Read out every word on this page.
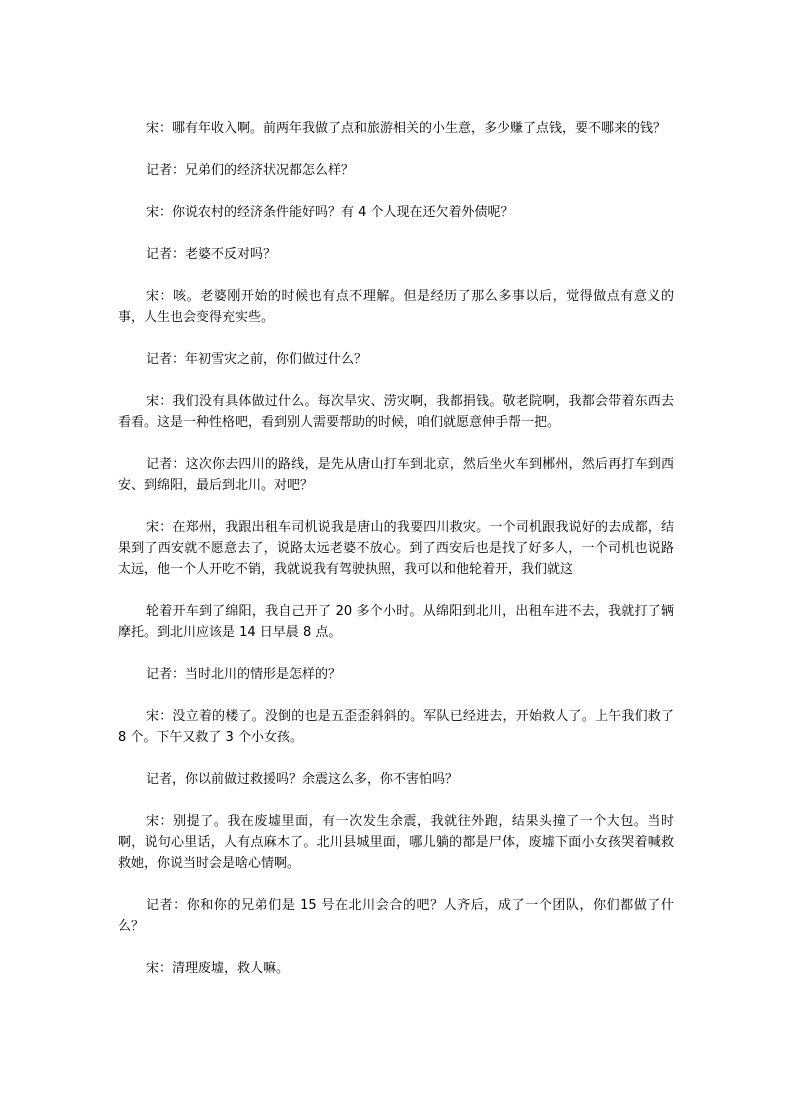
宋：哪有年收入啊。前两年我做了点和旅游相关的小生意，多少赚了点钱，要不哪来的钱？

记者：兄弟们的经济状况都怎么样？

宋：你说农村的经济条件能好吗？有 4 个人现在还欠着外债呢？

记者：老婆不反对吗？

宋：咳。老婆刚开始的时候也有点不理解。但是经历了那么多事以后，觉得做点有意义的事，人生也会变得充实些。

记者：年初雪灾之前，你们做过什么？

宋：我们没有具体做过什么。每次旱灾、涝灾啊，我都捐钱。敬老院啊，我都会带着东西去看看。这是一种性格吧，看到别人需要帮助的时候，咱们就愿意伸手帮一把。

记者：这次你去四川的路线，是先从唐山打车到北京，然后坐火车到郴州，然后再打车到西安、到绵阳，最后到北川。对吧？

宋：在郑州，我跟出租车司机说我是唐山的我要四川救灾。一个司机跟我说好的去成都，结果到了西安就不愿意去了，说路太远老婆不放心。到了西安后也是找了好多人，一个司机也说路太远，他一个人开吃不销，我就说我有驾驶执照，我可以和他轮着开，我们就这

轮着开车到了绵阳，我自己开了 20 多个小时。从绵阳到北川，出租车进不去，我就打了辆摩托。到北川应该是 14 日早晨 8 点。

记者：当时北川的情形是怎样的？

宋：没立着的楼了。没倒的也是五歪歪斜斜的。军队已经进去，开始救人了。上午我们救了 8 个。下午又救了 3 个小女孩。

记者，你以前做过救援吗？余震这么多，你不害怕吗？

宋：别提了。我在废墟里面，有一次发生余震，我就往外跑，结果头撞了一个大包。当时啊，说句心里话，人有点麻木了。北川县城里面，哪儿躺的都是尸体，废墟下面小女孩哭着喊救救她，你说当时会是啥心情啊。

记者：你和你的兄弟们是 15 号在北川会合的吧？人齐后，成了一个团队，你们都做了什么？

宋：清理废墟，救人嘛。
